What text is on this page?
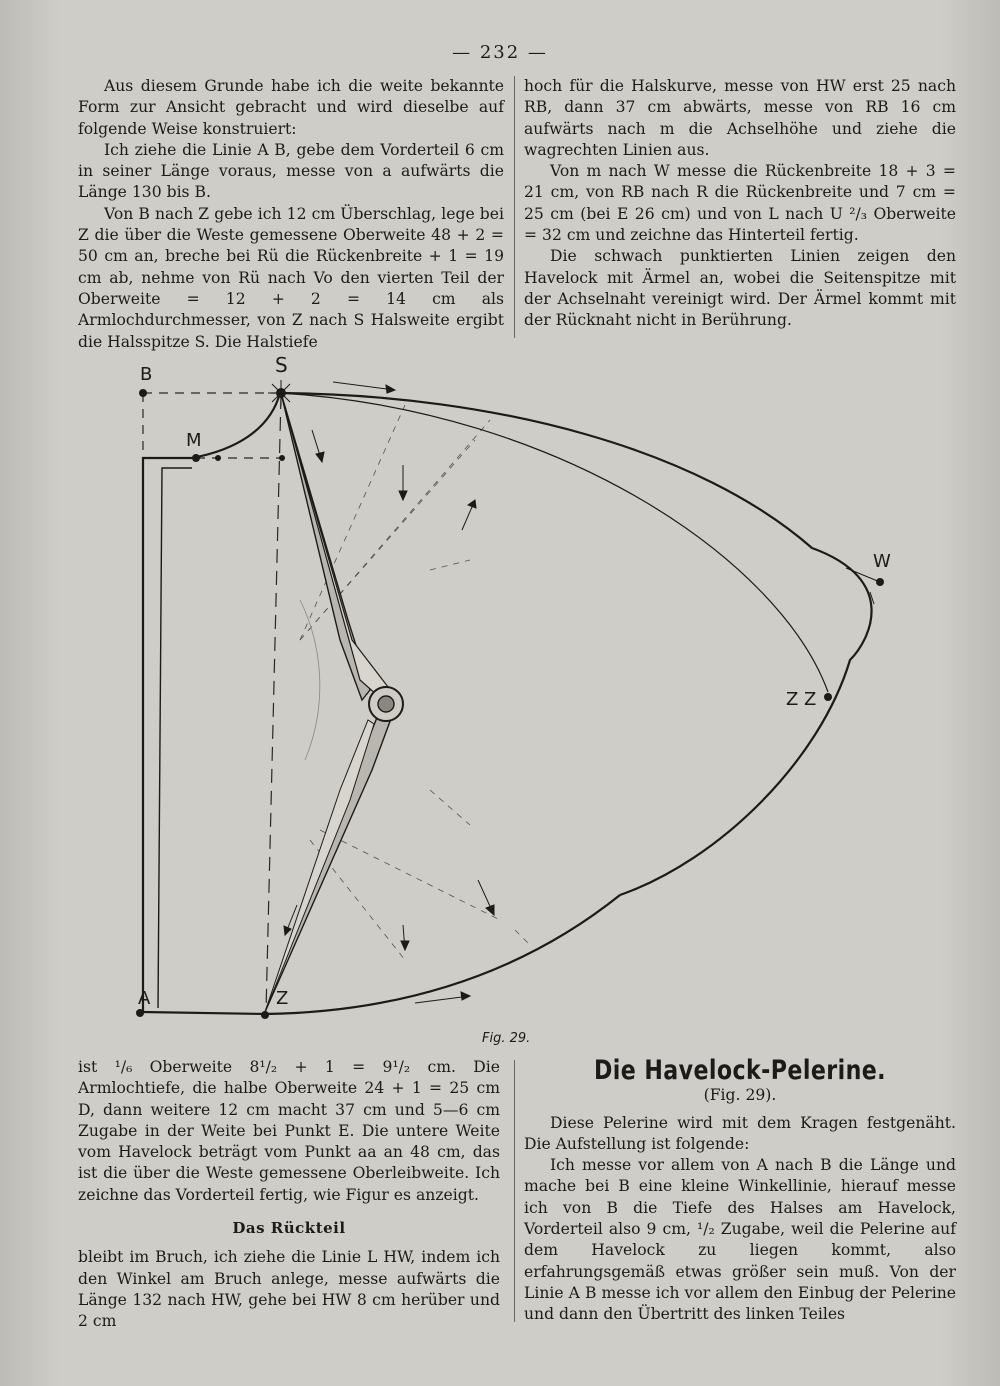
— 232 —

Aus diesem Grunde habe ich die weite bekannte Form zur Ansicht gebracht und wird dieselbe auf folgende Weise konstruiert:

Ich ziehe die Linie A B, gebe dem Vorderteil 6 cm in seiner Länge voraus, messe von a aufwärts die Länge 130 bis B.

Von B nach Z gebe ich 12 cm Überschlag, lege bei Z die über die Weste gemessene Oberweite 48 + 2 = 50 cm an, breche bei Rü die Rückenbreite + 1 = 19 cm ab, nehme von Rü nach Vo den vierten Teil der Oberweite = 12 + 2 = 14 cm als Armlochdurchmesser, von Z nach S Halsweite ergibt die Halsspitze S. Die Halstiefe

hoch für die Halskurve, messe von HW erst 25 nach RB, dann 37 cm abwärts, messe von RB 16 cm aufwärts nach m die Achselhöhe und ziehe die wagrechten Linien aus.

Von m nach W messe die Rückenbreite 18 + 3 = 21 cm, von RB nach R die Rückenbreite und 7 cm = 25 cm (bei E 26 cm) und von L nach U ²/₃ Oberweite = 32 cm und zeichne das Hinterteil fertig.

Die schwach punktierten Linien zeigen den Havelock mit Ärmel an, wobei die Seitenspitze mit der Achselnaht vereinigt wird. Der Ärmel kommt mit der Rücknaht nicht in Berührung.

B	S
M
W
Z Z
A	Z
Fig. 29.

ist ¹/₆ Oberweite 8¹/₂ + 1 = 9¹/₂ cm. Die Armlochtiefe, die halbe Oberweite 24 + 1 = 25 cm D, dann weitere 12 cm macht 37 cm und 5—6 cm Zugabe in der Weite bei Punkt E. Die untere Weite vom Havelock beträgt vom Punkt aa an 48 cm, das ist die über die Weste gemessene Oberleibweite. Ich zeichne das Vorderteil fertig, wie Figur es anzeigt.

Das Rückteil

bleibt im Bruch, ich ziehe die Linie L HW, indem ich den Winkel am Bruch anlege, messe aufwärts die Länge 132 nach HW, gehe bei HW 8 cm herüber und 2 cm

Die Havelock-Pelerine.
(Fig. 29).

Diese Pelerine wird mit dem Kragen festgenäht. Die Aufstellung ist folgende:

Ich messe vor allem von A nach B die Länge und mache bei B eine kleine Winkellinie, hierauf messe ich von B die Tiefe des Halses am Havelock, Vorderteil also 9 cm, ¹/₂ Zugabe, weil die Pelerine auf dem Havelock zu liegen kommt, also erfahrungsgemäß etwas größer sein muß. Von der Linie A B messe ich vor allem den Einbug der Pelerine und dann den Übertritt des linken Teiles
